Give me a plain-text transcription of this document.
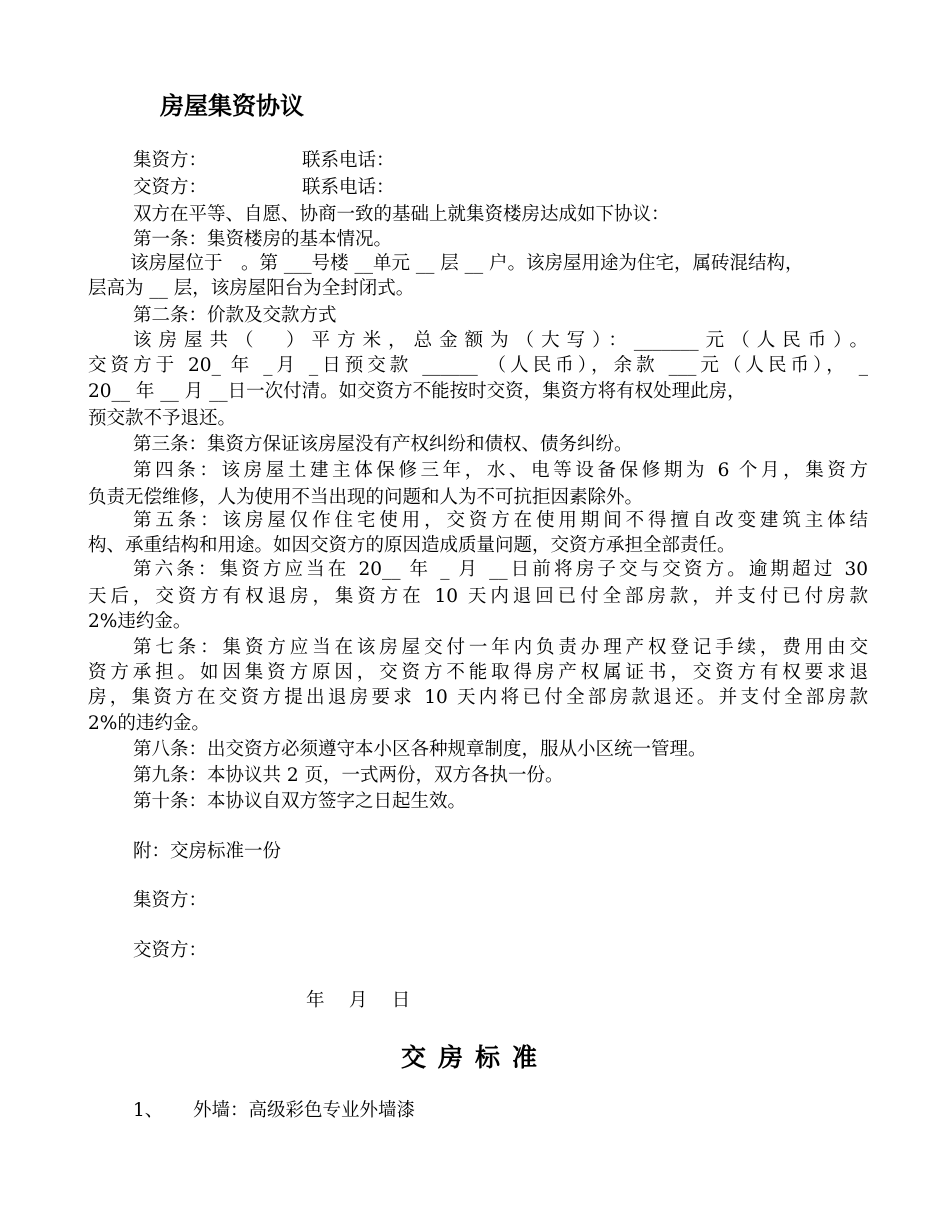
房屋集资协议
集资方：	联系电话：
交资方：	联系电话：
双方在平等、自愿、协商一致的基础上就集资楼房达成如下协议：
第一条：集资楼房的基本情况。
该房屋位于　。第 ___号楼 __单元 __ 层 __ 户。该房屋用途为住宅，属砖混结构，
层高为 __ 层，该房屋阳台为全封闭式。
第二条：价款及交款方式
该房屋共（　）平方米，总金额为（大写）：_______元（人民币）。
交资方于 20_ 年 _月 _日预交款 ______ （人民币），余款 ___元（人民币）， _
20__ 年 __ 月 __日一次付清。如交资方不能按时交资，集资方将有权处理此房，
预交款不予退还。
第三条：集资方保证该房屋没有产权纠纷和债权、债务纠纷。
第四条：该房屋土建主体保修三年，水、电等设备保修期为 6 个月，集资方
负责无偿维修，人为使用不当出现的问题和人为不可抗拒因素除外。
第五条：该房屋仅作住宅使用，交资方在使用期间不得擅自改变建筑主体结
构、承重结构和用途。如因交资方的原因造成质量问题，交资方承担全部责任。
第六条：集资方应当在 20__ 年 _ 月 __日前将房子交与交资方。逾期超过 30
天后，交资方有权退房，集资方在 10 天内退回已付全部房款，并支付已付房款
2%违约金。
第七条：集资方应当在该房屋交付一年内负责办理产权登记手续，费用由交
资方承担。如因集资方原因，交资方不能取得房产权属证书，交资方有权要求退
房，集资方在交资方提出退房要求 10 天内将已付全部房款退还。并支付全部房款
2%的违约金。
第八条：出交资方必须遵守本小区各种规章制度，服从小区统一管理。
第九条：本协议共 2 页，一式两份，双方各执一份。
第十条：本协议自双方签字之日起生效。
附：交房标准一份
集资方：
交资方：
年　 月　 日
交房标准
1、 外墙：高级彩色专业外墙漆
